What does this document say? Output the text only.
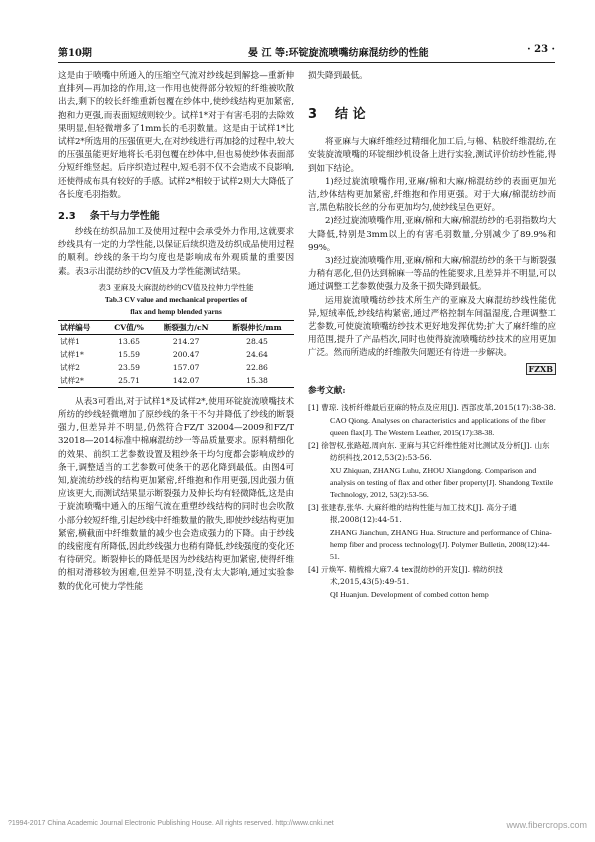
第10期	晏 江 等:环锭旋流喷嘴纺麻混纺纱的性能	· 23 ·

这是由于喷嘴中所通入的压缩空气流对纱线起到解捻—重新伸直排列—再加捻的作用,这一作用也使得部分较短的纤维被吹散出去,剩下的较长纤维重新包覆在纱体中,使纱线结构更加紧密,抱和力更强,而表面短绒则较少。试样1*对于有害毛羽的去除效果明显,但轻微增多了1mm长的毛羽数量。这是由于试样1*比试样2*所选用的压强值更大,在对纱线进行再加捻的过程中,较大的压强虽能更好地将长毛羽包覆在纱体中,但也易使纱体表面部分短纤维竖起。后序织造过程中,短毛羽不仅不会造成不良影响,还使得成布具有较好的手感。试样2*相较于试样2则大大降低了各长度毛羽指数。

2.3 条干与力学性能

纱线在纺织品加工及使用过程中会承受外力作用,这就要求纱线具有一定的力学性能,以保证后续织造及纺织成品使用过程的顺利。纱线的条干均匀度也是影响成布外观质量的重要因素。表3示出混纺纱的CV值及力学性能测试结果。

表3 亚麻及大麻混纺纱的CV值及拉伸力学性能
Tab.3 CV value and mechanical properties of
flax and hemp blended yarns
试样编号	CV值/%	断裂强力/cN	断裂伸长/mm
试样1	13.65	214.27	28.45
试样1*	15.59	200.47	24.64
试样2	23.59	157.07	22.86
试样2*	25.71	142.07	15.38

从表3可看出,对于试样1*及试样2*,使用环锭旋流喷嘴技术所纺的纱线轻微增加了原纱线的条干不匀并降低了纱线的断裂强力,但差异并不明显,仍然符合FZ/T 32004—2009和FZ/T 32018—2014标准中棉麻混纺纱一等品质量要求。原料精细化的效果、前织工艺参数设置及粗纱条干均匀度都会影响成纱的条干,调整适当的工艺参数可使条干的恶化降到最低。由图4可知,旋流纺纱线的结构更加紧密,纤维抱和作用更强,因此强力值应该更大,而测试结果显示断裂强力及伸长均有轻微降低,这是由于旋流喷嘴中通入的压缩气流在重塑纱线结构的同时也会吹散小部分较短纤维,引起纱线中纤维数量的散失,即使纱线结构更加紧密,横截面中纤维数量的减少也会造成强力的下降。由于纱线的线密度有所降低,因此纱线强力也稍有降低,纱线强度的变化还有待研究。断裂伸长的降低是因为纱线结构更加紧密,使得纤维的相对滑移较为困难,但差异不明显,没有太大影响,通过实验参数的优化可使力学性能

损失降到最低。

3 结 论

将亚麻与大麻纤维经过精细化加工后,与棉、粘胶纤维混纺,在安装旋流喷嘴的环锭细纱机设备上进行实验,测试评价纺纱性能,得到如下结论。

1)经过旋流喷嘴作用,亚麻/棉和大麻/棉混纺纱的表面更加光洁,纱体结构更加紧密,纤维抱和作用更强。对于大麻/棉混纺纱而言,黑色粘胶长丝的分布更加均匀,使纱线呈色更好。

2)经过旋流喷嘴作用,亚麻/棉和大麻/棉混纺纱的毛羽指数均大大降低,特别是3mm以上的有害毛羽数量,分别减少了89.9%和99%。

3)经过旋流喷嘴作用,亚麻/棉和大麻/棉混纺纱的条干与断裂强力稍有恶化,但仍达到棉麻一等品的性能要求,且差异并不明显,可以通过调整工艺参数使强力及条干损失降到最低。

运用旋流喷嘴纺纱技术所生产的亚麻及大麻混纺纱线性能优异,短绒率低,纱线结构紧密,通过严格控制车间温湿度,合理调整工艺参数,可使旋流喷嘴纺纱技术更好地发挥优势;扩大了麻纤维的应用范围,提升了产品档次,同时也使得旋流喷嘴纺纱技术的应用更加广泛。然而所造成的纤维散失问题还有待进一步解决。

FZXB
参考文献:

[1] 曹琼. 浅析纤维最后亚麻的特点及应用[J]. 西部皮革,2015(17):38-38.

CAO Qiong. Analyses on characteristics and applications of the fiber queen flax[J]. The Western Leather, 2015(17):38-38.

[2] 徐智权,张路超,周向东. 亚麻与其它纤维性能对比测试及分析[J]. 山东纺织科技,2012,53(2):53-56.

XU Zhiquan, ZHANG Luhu, ZHOU Xiangdong. Comparison and analysis on testing of flax and other fiber property[J]. Shandong Textile Technology, 2012, 53(2):53-56.

[3] 张建春,张华. 大麻纤维的结构性能与加工技术[J]. 高分子通报,2008(12):44-51.

ZHANG Jianchun, ZHANG Hua. Structure and performance of China-hemp fiber and process technology[J]. Polymer Bulletin, 2008(12):44-51.

[4] 亓焕军. 精梳棉大麻7.4 tex混纺纱的开发[J]. 棉纺织技术,2015,43(5):49-51.

QI Huanjun. Development of combed cotton hemp

?1994-2017 China Academic Journal Electronic Publishing House. All rights reserved. http://www.cnki.net	www.fibercrops.com
